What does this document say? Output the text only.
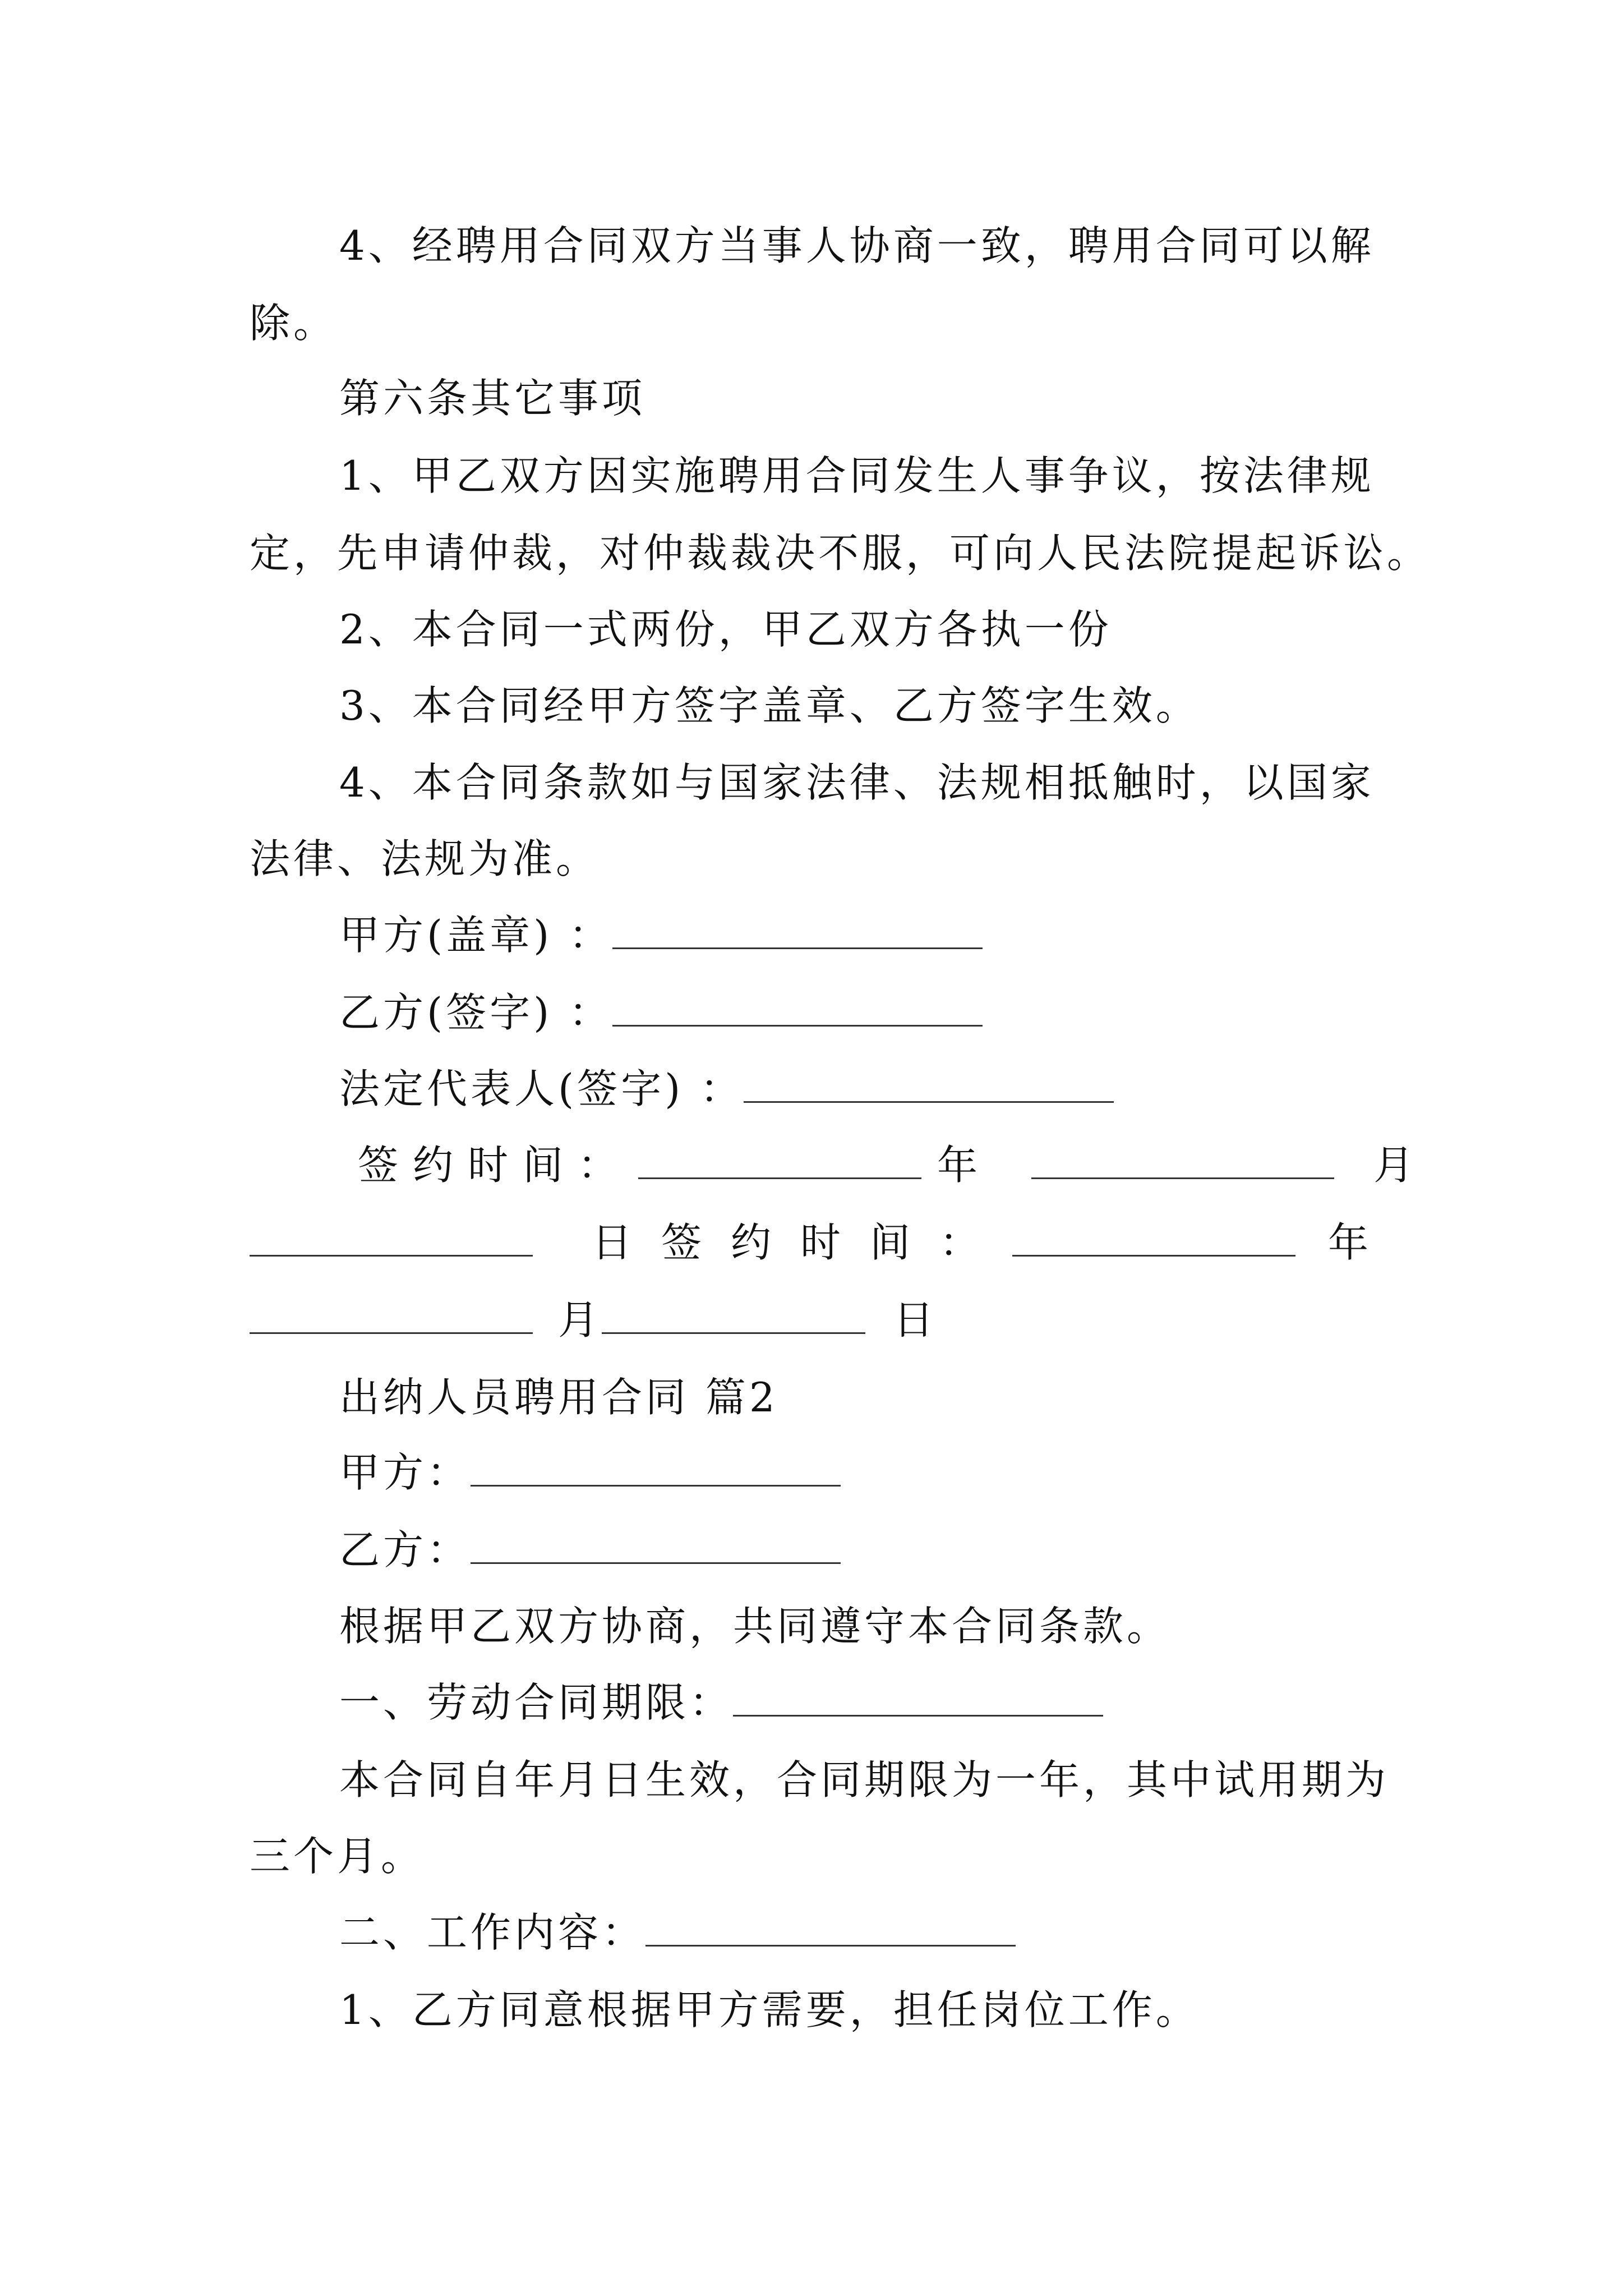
4、经聘用合同双方当事人协商一致，聘用合同可以解
除。
第六条其它事项
1、甲乙双方因实施聘用合同发生人事争议，按法律规
定，先申请仲裁，对仲裁裁决不服，可向人民法院提起诉讼。
2、本合同一式两份，甲乙双方各执一份
3、本合同经甲方签字盖章、乙方签字生效。
4、本合同条款如与国家法律、法规相抵触时，以国家
法律、法规为准。
甲方(盖章) ：
乙方(签字) ：
法定代表人(签字) ：
签约时间：	年	月
日签约时间：	年
月	日
出纳人员聘用合同 篇2
甲方：
乙方：
根据甲乙双方协商，共同遵守本合同条款。
一、劳动合同期限：
本合同自年月日生效，合同期限为一年，其中试用期为
三个月。
二、工作内容：
1、乙方同意根据甲方需要，担任岗位工作。
